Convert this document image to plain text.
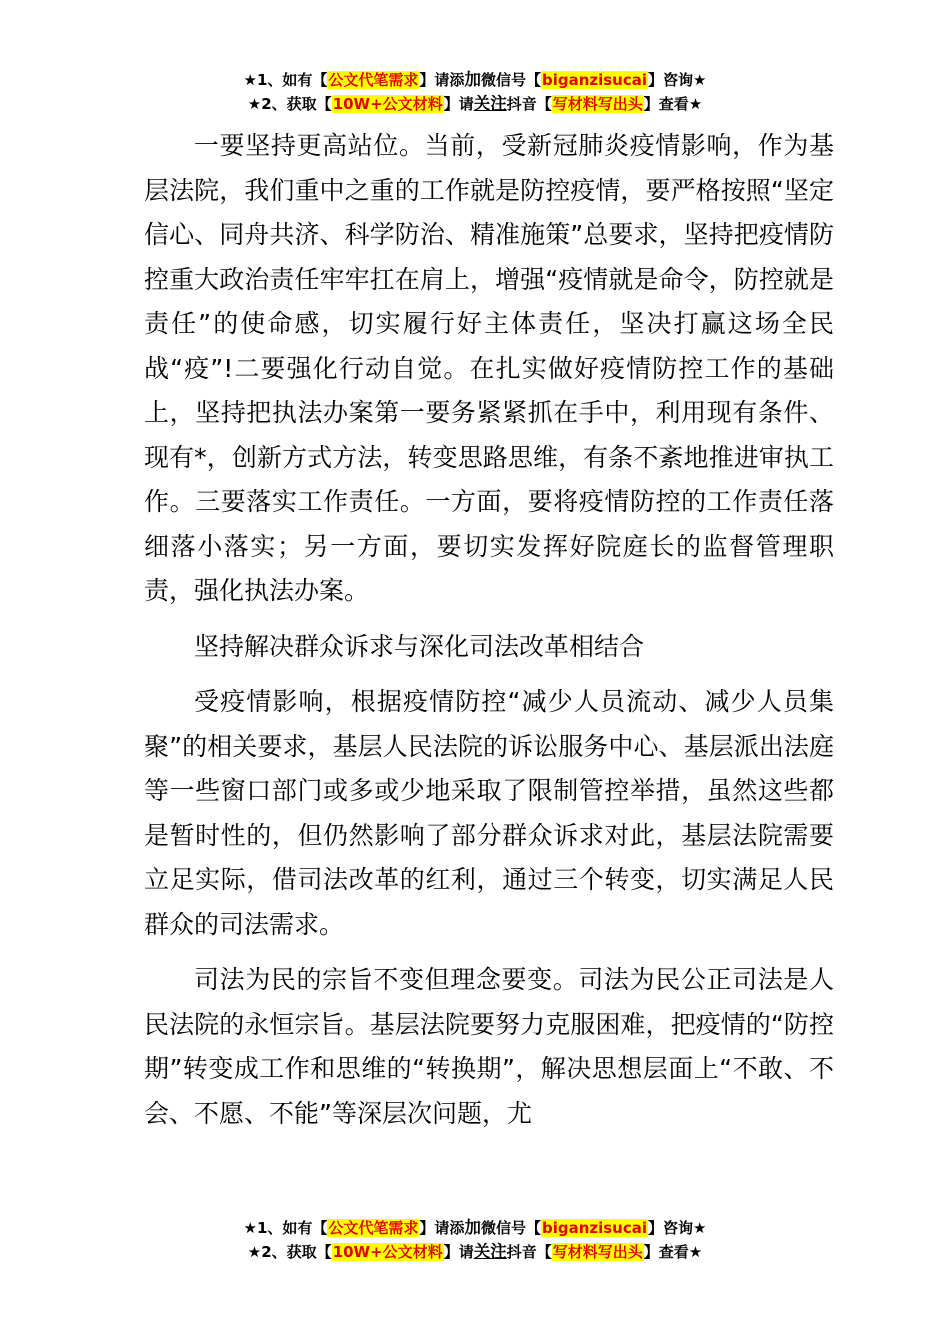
★1、如有【公文代笔需求】请添加微信号【biganzisucai】咨询★
★2、获取【10W+公文材料】请关注抖音【写材料写出头】查看★

一要坚持更高站位。当前，受新冠肺炎疫情影响，作为基层法院，我们重中之重的工作就是防控疫情，要严格按照“坚定信心、同舟共济、科学防治、精准施策”总要求，坚持把疫情防控重大政治责任牢牢扛在肩上，增强“疫情就是命令，防控就是责任”的使命感，切实履行好主体责任，坚决打赢这场全民战“疫”!二要强化行动自觉。在扎实做好疫情防控工作的基础上，坚持把执法办案第一要务紧紧抓在手中，利用现有条件、现有*，创新方式方法，转变思路思维，有条不紊地推进审执工作。三要落实工作责任。一方面，要将疫情防控的工作责任落细落小落实；另一方面，要切实发挥好院庭长的监督管理职责，强化执法办案。

坚持解决群众诉求与深化司法改革相结合

受疫情影响，根据疫情防控“减少人员流动、减少人员集聚”的相关要求，基层人民法院的诉讼服务中心、基层派出法庭等一些窗口部门或多或少地采取了限制管控举措，虽然这些都是暂时性的，但仍然影响了部分群众诉求对此，基层法院需要立足实际，借司法改革的红利，通过三个转变，切实满足人民群众的司法需求。

司法为民的宗旨不变但理念要变。司法为民公正司法是人民法院的永恒宗旨。基层法院要努力克服困难，把疫情的“防控期”转变成工作和思维的“转换期”，解决思想层面上“不敢、不会、不愿、不能”等深层次问题，尤

★1、如有【公文代笔需求】请添加微信号【biganzisucai】咨询★
★2、获取【10W+公文材料】请关注抖音【写材料写出头】查看★
